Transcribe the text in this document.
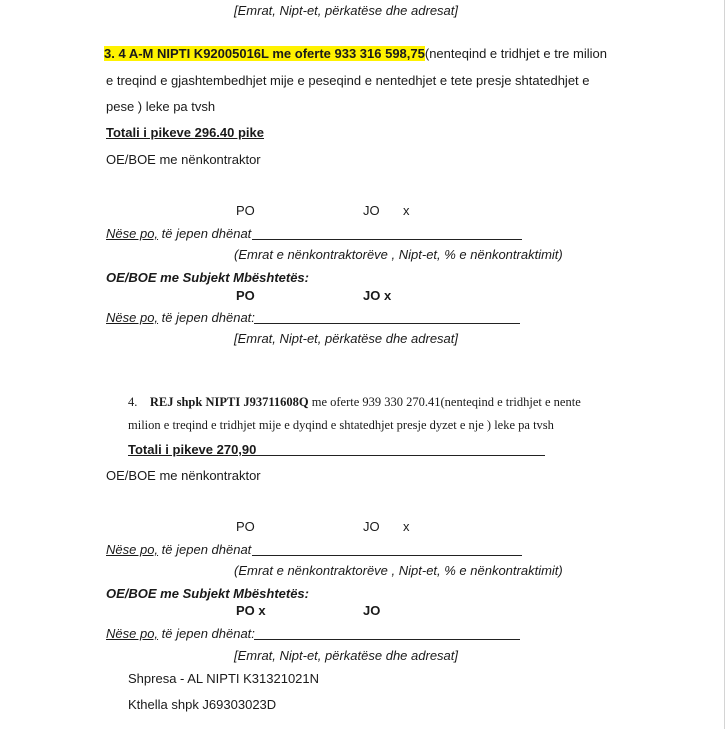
[Emrat, Nipt-et, përkatëse dhe adresat]
3. 4 A-M NIPTI K92005016L me oferte 933 316 598,75(nenteqind e tridhjet e tre milion
e treqind e gjashtembedhjet mije e peseqind e nentedhjet e tete presje shtatedhjet e
pese ) leke pa tvsh
Totali i pikeve 296.40 pike
OE/BOE me nënkontraktor
PO	JO x
Nëse po, të jepen dhënat
(Emrat e nënkontraktorëve , Nipt-et, % e nënkontraktimit)
OE/BOE me Subjekt Mbështetës:
PO	JO x
Nëse po, të jepen dhënat:
[Emrat, Nipt-et, përkatëse dhe adresat]
4. REJ shpk NIPTI J93711608Q me oferte 939 330 270.41(nenteqind e tridhjet e nente
milion e treqind e tridhjet mije e dyqind e shtatedhjet presje dyzet e nje ) leke pa tvsh
Totali i pikeve 270,90
OE/BOE me nënkontraktor
PO	JO x
Nëse po, të jepen dhënat
(Emrat e nënkontraktorëve , Nipt-et, % e nënkontraktimit)
OE/BOE me Subjekt Mbështetës:
PO x	JO
Nëse po, të jepen dhënat:
[Emrat, Nipt-et, përkatëse dhe adresat]
Shpresa - AL NIPTI K31321021N
Kthella shpk J69303023D
